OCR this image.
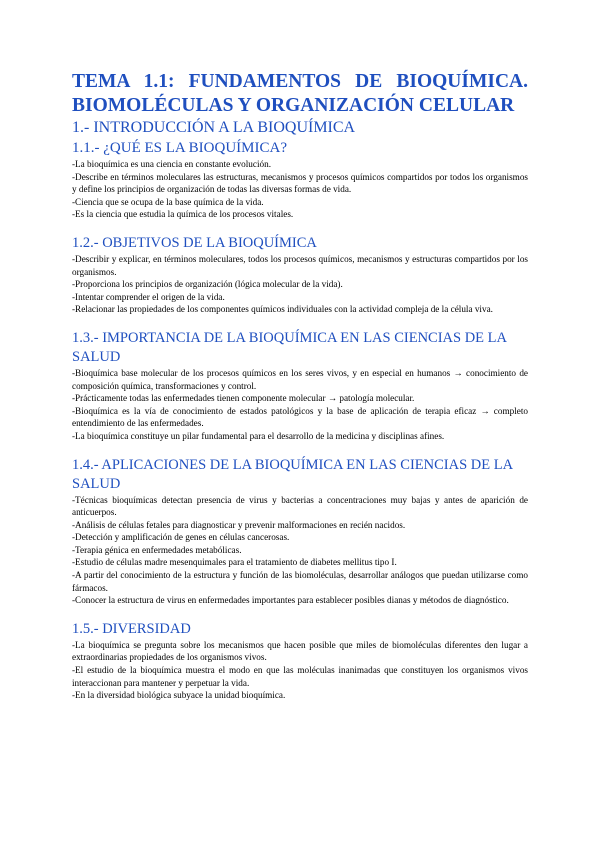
TEMA 1.1: FUNDAMENTOS DE BIOQUÍMICA.
BIOMOLÉCULAS Y ORGANIZACIÓN CELULAR
1.- INTRODUCCIÓN A LA BIOQUÍMICA
1.1.- ¿QUÉ ES LA BIOQUÍMICA?

-La bioquímica es una ciencia en constante evolución.

-Describe en términos moleculares las estructuras, mecanismos y procesos químicos compartidos por todos los organismos y define los principios de organización de todas las diversas formas de vida.

-Ciencia que se ocupa de la base química de la vida.

-Es la ciencia que estudia la química de los procesos vitales.

1.2.- OBJETIVOS DE LA BIOQUÍMICA

-Describir y explicar, en términos moleculares, todos los procesos químicos, mecanismos y estructuras compartidos por los organismos.

-Proporciona los principios de organización (lógica molecular de la vida).

-Intentar comprender el origen de la vida.

-Relacionar las propiedades de los componentes químicos individuales con la actividad compleja de la célula viva.

1.3.- IMPORTANCIA DE LA BIOQUÍMICA EN LAS CIENCIAS DE LA SALUD

-Bioquímica base molecular de los procesos químicos en los seres vivos, y en especial en humanos → conocimiento de composición química, transformaciones y control.

-Prácticamente todas las enfermedades tienen componente molecular → patología molecular.

-Bioquímica es la vía de conocimiento de estados patológicos y la base de aplicación de terapia eficaz → completo entendimiento de las enfermedades.

-La bioquímica constituye un pilar fundamental para el desarrollo de la medicina y disciplinas afines.

1.4.- APLICACIONES DE LA BIOQUÍMICA EN LAS CIENCIAS DE LA SALUD

-Técnicas bioquímicas detectan presencia de virus y bacterias a concentraciones muy bajas y antes de aparición de anticuerpos.

-Análisis de células fetales para diagnosticar y prevenir malformaciones en recién nacidos.

-Detección y amplificación de genes en células cancerosas.

-Terapia génica en enfermedades metabólicas.

-Estudio de células madre mesenquimales para el tratamiento de diabetes mellitus tipo I.

-A partir del conocimiento de la estructura y función de las biomoléculas, desarrollar análogos que puedan utilizarse como fármacos.

-Conocer la estructura de virus en enfermedades importantes para establecer posibles dianas y métodos de diagnóstico.

1.5.- DIVERSIDAD

-La bioquímica se pregunta sobre los mecanismos que hacen posible que miles de biomoléculas diferentes den lugar a extraordinarias propiedades de los organismos vivos.

-El estudio de la bioquímica muestra el modo en que las moléculas inanimadas que constituyen los organismos vivos interaccionan para mantener y perpetuar la vida.

-En la diversidad biológica subyace la unidad bioquímica.
